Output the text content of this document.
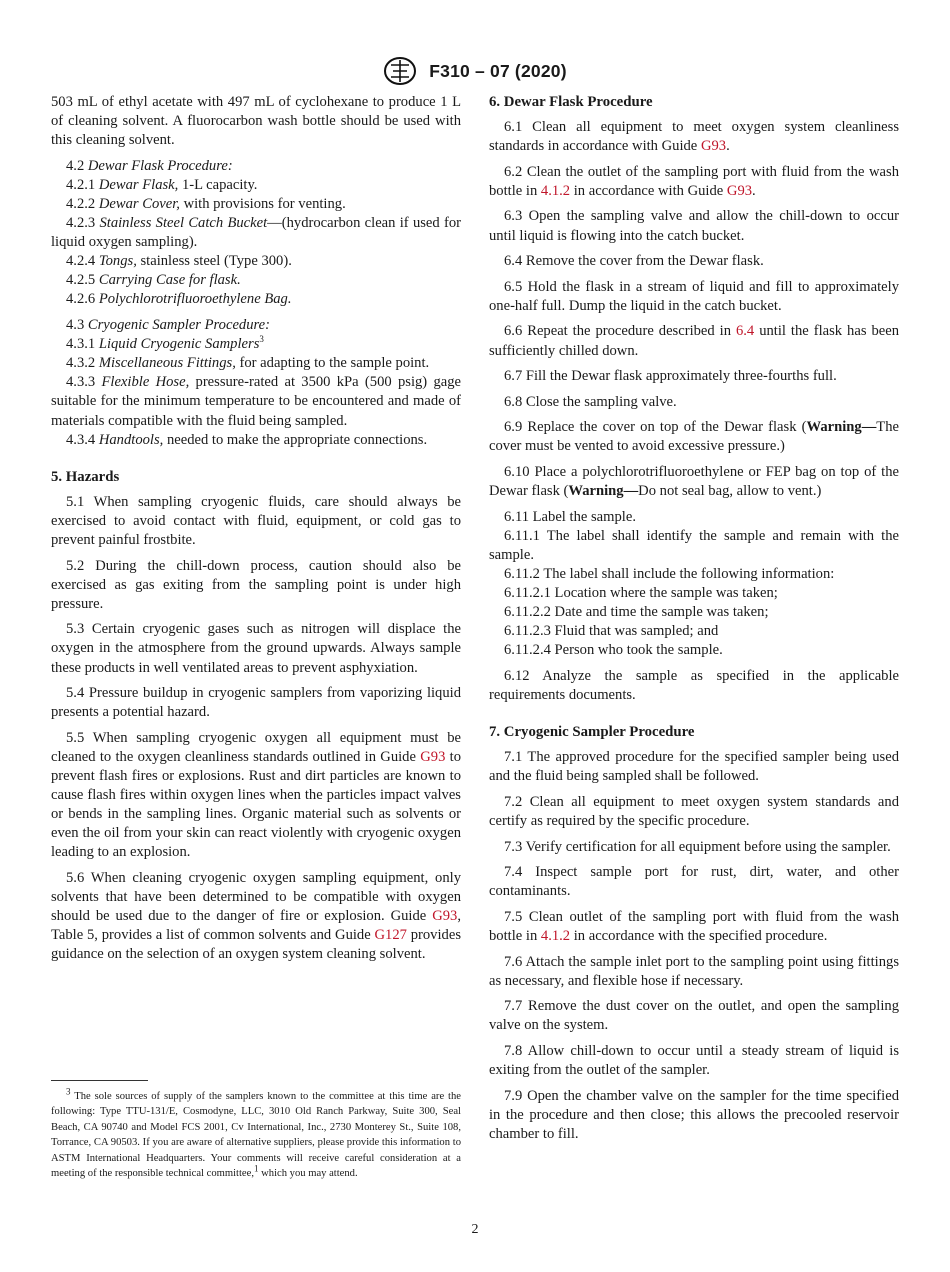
F310 – 07 (2020)

503 mL of ethyl acetate with 497 mL of cyclohexane to produce 1 L of cleaning solvent. A fluorocarbon wash bottle should be used with this cleaning solvent.

4.2 Dewar Flask Procedure:

4.2.1 Dewar Flask, 1-L capacity.

4.2.2 Dewar Cover, with provisions for venting.

4.2.3 Stainless Steel Catch Bucket—(hydrocarbon clean if used for liquid oxygen sampling).

4.2.4 Tongs, stainless steel (Type 300).

4.2.5 Carrying Case for flask.

4.2.6 Polychlorotrifluoroethylene Bag.

4.3 Cryogenic Sampler Procedure:

4.3.1 Liquid Cryogenic Samplers$^3$

4.3.2 Miscellaneous Fittings, for adapting to the sample point.

4.3.3 Flexible Hose, pressure-rated at 3500 kPa (500 psig) gage suitable for the minimum temperature to be encountered and made of materials compatible with the fluid being sampled.

4.3.4 Handtools, needed to make the appropriate connections.

5. Hazards

5.1 When sampling cryogenic fluids, care should always be exercised to avoid contact with fluid, equipment, or cold gas to prevent painful frostbite.

5.2 During the chill-down process, caution should also be exercised as gas exiting from the sampling point is under high pressure.

5.3 Certain cryogenic gases such as nitrogen will displace the oxygen in the atmosphere from the ground upwards. Always sample these products in well ventilated areas to prevent asphyxiation.

5.4 Pressure buildup in cryogenic samplers from vaporizing liquid presents a potential hazard.

5.5 When sampling cryogenic oxygen all equipment must be cleaned to the oxygen cleanliness standards outlined in Guide G93 to prevent flash fires or explosions. Rust and dirt particles are known to cause flash fires within oxygen lines when the particles impact valves or bends in the sampling lines. Organic material such as solvents or even the oil from your skin can react violently with cryogenic oxygen leading to an explosion.

5.6 When cleaning cryogenic oxygen sampling equipment, only solvents that have been determined to be compatible with oxygen should be used due to the danger of fire or explosion. Guide G93, Table 5, provides a list of common solvents and Guide G127 provides guidance on the selection of an oxygen system cleaning solvent.

$^3$ The sole sources of supply of the samplers known to the committee at this time are the following: Type TTU-131/E, Cosmodyne, LLC, 3010 Old Ranch Parkway, Suite 300, Seal Beach, CA 90740 and Model FCS 2001, Cv International, Inc., 2730 Monterey St., Suite 108, Torrance, CA 90503. If you are aware of alternative suppliers, please provide this information to ASTM International Headquarters. Your comments will receive careful consideration at a meeting of the responsible technical committee,$^1$ which you may attend.

6. Dewar Flask Procedure

6.1 Clean all equipment to meet oxygen system cleanliness standards in accordance with Guide G93.

6.2 Clean the outlet of the sampling port with fluid from the wash bottle in 4.1.2 in accordance with Guide G93.

6.3 Open the sampling valve and allow the chill-down to occur until liquid is flowing into the catch bucket.

6.4 Remove the cover from the Dewar flask.

6.5 Hold the flask in a stream of liquid and fill to approximately one-half full. Dump the liquid in the catch bucket.

6.6 Repeat the procedure described in 6.4 until the flask has been sufficiently chilled down.

6.7 Fill the Dewar flask approximately three-fourths full.

6.8 Close the sampling valve.

6.9 Replace the cover on top of the Dewar flask (Warning—The cover must be vented to avoid excessive pressure.)

6.10 Place a polychlorotrifluoroethylene or FEP bag on top of the Dewar flask (Warning—Do not seal bag, allow to vent.)

6.11 Label the sample.

6.11.1 The label shall identify the sample and remain with the sample.

6.11.2 The label shall include the following information:

6.11.2.1 Location where the sample was taken;

6.11.2.2 Date and time the sample was taken;

6.11.2.3 Fluid that was sampled; and

6.11.2.4 Person who took the sample.

6.12 Analyze the sample as specified in the applicable requirements documents.

7. Cryogenic Sampler Procedure

7.1 The approved procedure for the specified sampler being used and the fluid being sampled shall be followed.

7.2 Clean all equipment to meet oxygen system standards and certify as required by the specific procedure.

7.3 Verify certification for all equipment before using the sampler.

7.4 Inspect sample port for rust, dirt, water, and other contaminants.

7.5 Clean outlet of the sampling port with fluid from the wash bottle in 4.1.2 in accordance with the specified procedure.

7.6 Attach the sample inlet port to the sampling point using fittings as necessary, and flexible hose if necessary.

7.7 Remove the dust cover on the outlet, and open the sampling valve on the system.

7.8 Allow chill-down to occur until a steady stream of liquid is exiting from the outlet of the sampler.

7.9 Open the chamber valve on the sampler for the time specified in the procedure and then close; this allows the precooled reservoir chamber to fill.

2
